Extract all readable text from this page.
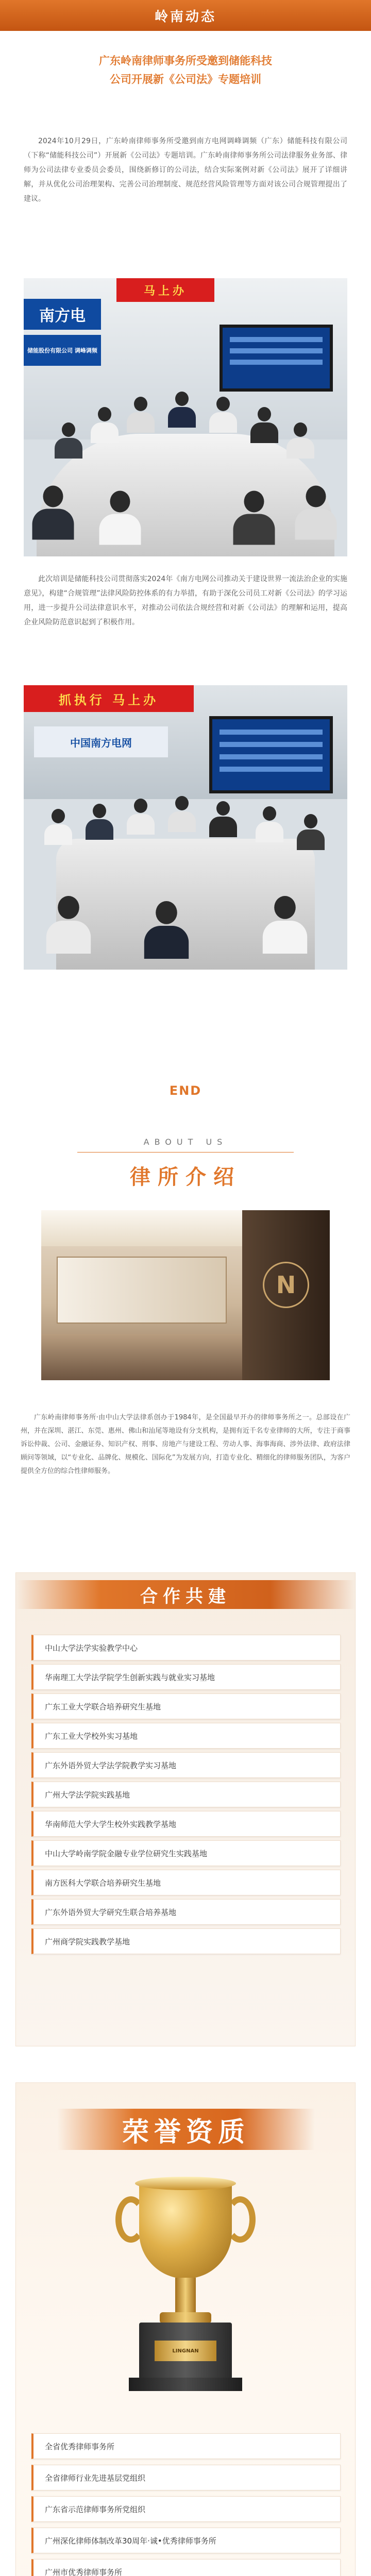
岭南动态
广东岭南律师事务所受邀到储能科技
公司开展新《公司法》专题培训

2024年10月29日，广东岭南律师事务所受邀到南方电网调峰调频（广东）储能科技有限公司（下称“储能科技公司”）开展新《公司法》专题培训。广东岭南律师事务所公司法律服务业务部、律师为公司法律专业委员会委员，围绕新修订的公司法，结合实际案例对新《公司法》展开了详细讲解，并从优化公司治理架构、完善公司治理制度、规范经营风险管理等方面对该公司合规管理提出了建议。

南方电
储能股份有限公司 调峰调频
马上办

此次培训是储能科技公司贯彻落实2024年《南方电网公司推动关于建设世界一流法治企业的实施意见》，构建“合规管理”法律风险防控体系的有力举措，有助于深化公司员工对新《公司法》的学习运用，进一步提升公司法律意识水平，对推动公司依法合规经营和对新《公司法》的理解和运用，提高企业风险防范意识起到了积极作用。

抓执行 马上办
中国南方电网

END
ABOUT US
律所介绍
N

广东岭南律师事务所·由中山大学法律系创办于1984年，是全国最早开办的律师事务所之一。总部设在广州，并在深圳、湛江、东莞、惠州、佛山和汕尾等地设有分支机构，是拥有近千名专业律师的大所，专注于商事诉讼仲裁、公司、金融证券、知识产权、刑事、房地产与建设工程、劳动人事、海事海商、涉外法律、政府法律顾问等领域，以“专业化、品牌化、规模化、国际化”为发展方向，打造专业化、精细化的律师服务团队，为客户提供全方位的综合性律师服务。

合作共建
中山大学法学实验教学中心
华南理工大学法学院学生创新实践与就业实习基地
广东工业大学联合培养研究生基地
广东工业大学校外实习基地
广东外语外贸大学法学院教学实习基地
广州大学法学院实践基地
华南师范大学大学生校外实践教学基地
中山大学岭南学院金融专业学位研究生实践基地
南方医科大学联合培养研究生基地
广东外语外贸大学研究生联合培养基地
广州商学院实践教学基地
荣誉资质
LINGNAN
全省优秀律师事务所
全省律师行业先进基层党组织
广东省示范律师事务所党组织
广州深化律师体制改革30周年·诚•优秀律师事务所
广州市优秀律师事务所
